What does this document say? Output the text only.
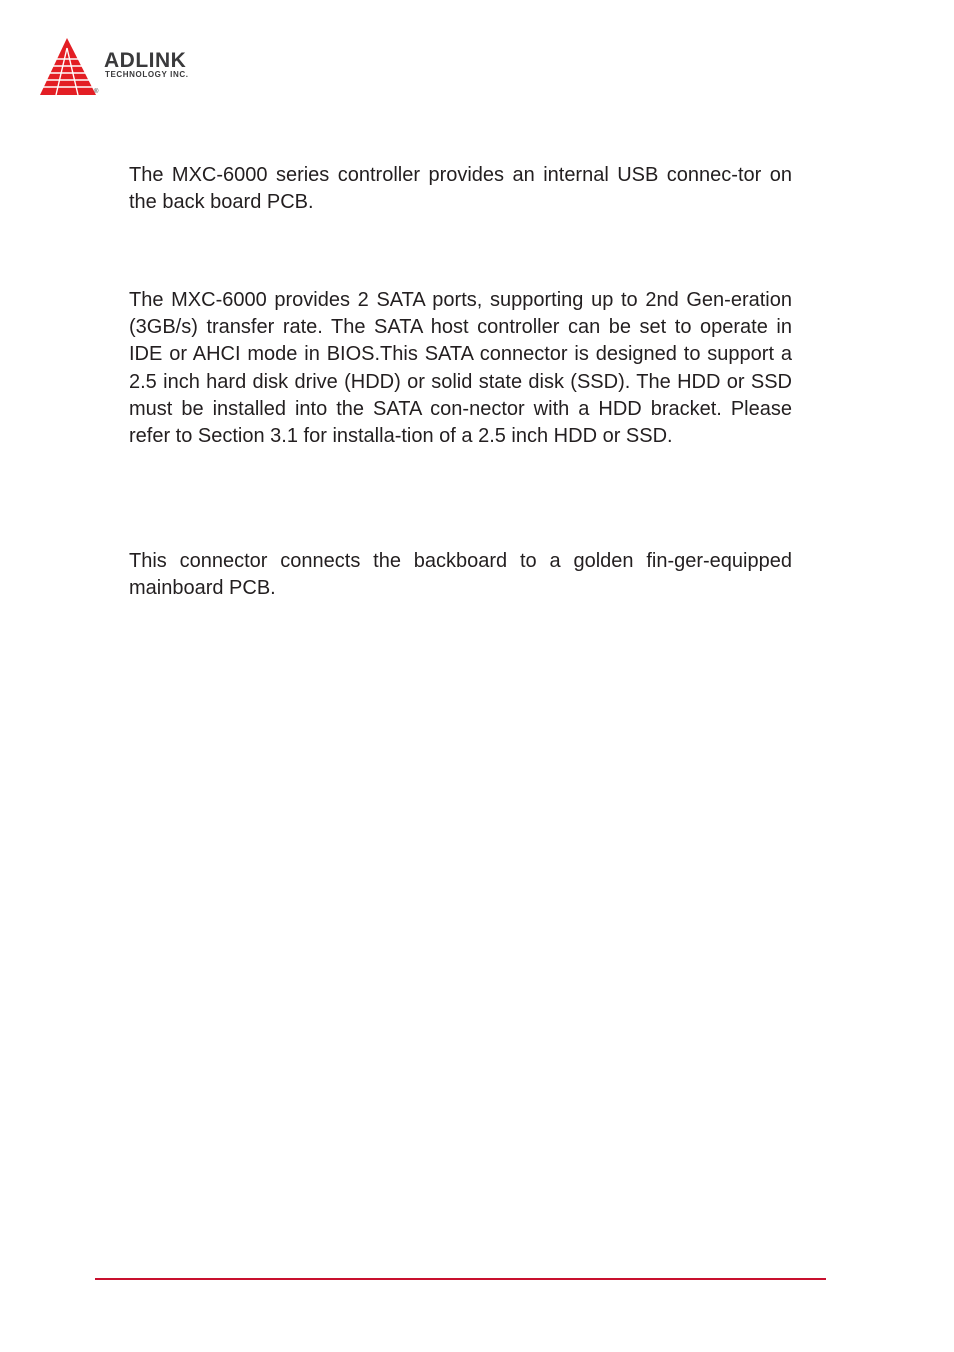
ADLINK
TECHNOLOGY INC.
®

The MXC-6000 series controller provides an internal USB connec-tor on the back board PCB.

The MXC-6000 provides 2 SATA ports, supporting up to 2nd Gen-eration (3GB/s) transfer rate. The SATA host controller can be set to operate in IDE or AHCI mode in BIOS.This SATA connector is designed to support a 2.5 inch hard disk drive (HDD) or solid state disk (SSD). The HDD or SSD must be installed into the SATA con-nector with a HDD bracket. Please refer to Section 3.1 for installa-tion of a 2.5 inch HDD or SSD.

This connector connects the backboard to a golden fin-ger-equipped mainboard PCB.
